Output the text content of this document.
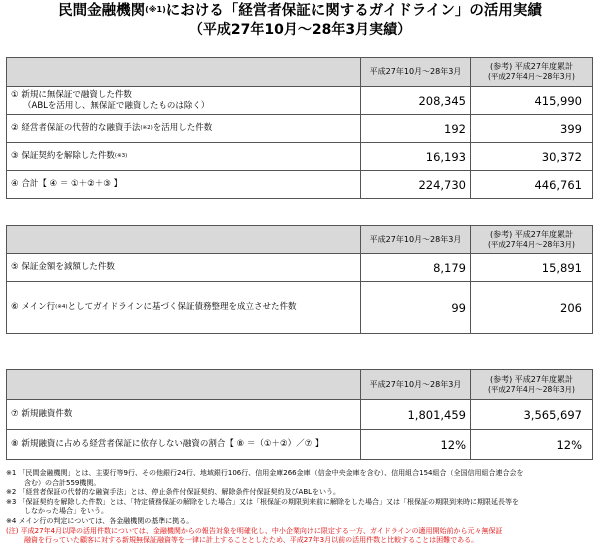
民間金融機関$^{(※1)}$における「経営者保証に関するガイドライン」の活用実績
（平成27年10月～28年3月実績）
	平成27年10月～28年3月	(参考) 平成27年度累計
(平成27年4月～28年3月)

① 新規に無保証で融資した件数
（ABLを活用し、無保証で融資したものは除く）	208,345	415,990
② 経営者保証の代替的な融資手法$^{(※2)}$を活用した件数	192	399
③ 保証契約を解除した件数$^{(※3)}$	16,193	30,372
④ 合計【 ④ ＝ ①＋②＋③ 】	224,730	446,761
	平成27年10月～28年3月	(参考) 平成27年度累計
(平成27年4月～28年3月)

⑤ 保証金額を減額した件数	8,179	15,891
⑥ メイン行$^{(※4)}$としてガイドラインに基づく保証債務整理を成立させた件数	99	206
	平成27年10月～28年3月	(参考) 平成27年度累計
(平成27年4月～28年3月)

⑦ 新規融資件数	1,801,459	3,565,697
⑧ 新規融資に占める経営者保証に依存しない融資の割合【 ⑧ ＝（①＋②）／⑦ 】	12%	12%
※1 「民間金融機関」とは、主要行等9行、その他銀行24行、地域銀行106行、信用金庫266金庫（信金中央金庫を含む）、信用組合154組合（全国信用組合連合会を
含む）の合計559機関。
※2 「経営者保証の代替的な融資手法」とは、停止条件付保証契約、解除条件付保証契約及びABLをいう。
※3 「保証契約を解除した件数」とは、「特定債務保証の解除をした場合」又は「根保証の期限到来前に解除をした場合」又は「根保証の期限到来時に期限延長等を
しなかった場合」をいう。
※4 メイン行の判定については、各金融機関の基準に拠る。
(注) 平成27年4月以降の活用件数については、金融機関からの報告対象を明確化し、中小企業向けに限定する一方、ガイドラインの適用開始前から元々無保証
融資を行っていた顧客に対する新規無保証融資等を一律に計上することとしたため、平成27年3月以前の活用件数と比較することは困難である。
